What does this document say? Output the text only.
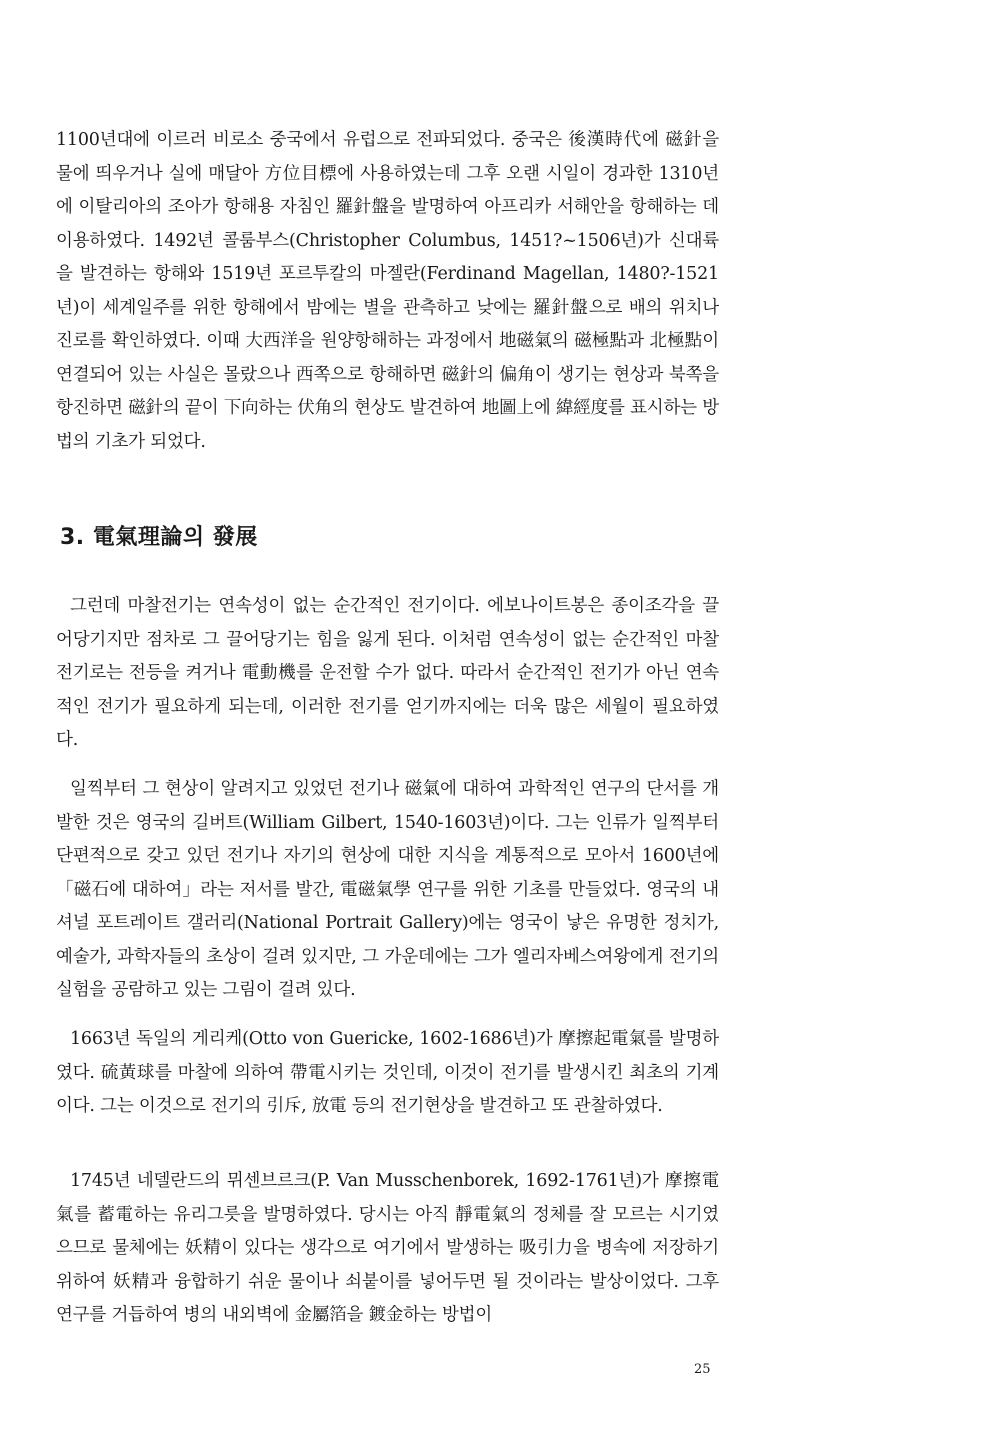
1100년대에 이르러 비로소 중국에서 유럽으로 전파되었다. 중국은 後漢時代에 磁針을 물에 띄우거나 실에 매달아 方位目標에 사용하였는데 그후 오랜 시일이 경과한 1310년에 이탈리아의 조아가 항해용 자침인 羅針盤을 발명하여 아프리카 서해안을 항해하는 데 이용하였다. 1492년 콜룸부스(Christopher Columbus, 1451?~1506년)가 신대륙을 발견하는 항해와 1519년 포르투칼의 마젤란(Ferdinand Magellan, 1480?-1521년)이 세계일주를 위한 항해에서 밤에는 별을 관측하고 낮에는 羅針盤으로 배의 위치나 진로를 확인하였다. 이때 大西洋을 원양항해하는 과정에서 地磁氣의 磁極點과 北極點이 연결되어 있는 사실은 몰랐으나 西쪽으로 항해하면 磁針의 偏角이 생기는 현상과 북쪽을 항진하면 磁針의 끝이 下向하는 伏角의 현상도 발견하여 地圖上에 緯經度를 표시하는 방법의 기초가 되었다.

3. 電氣理論의 發展

그런데 마찰전기는 연속성이 없는 순간적인 전기이다. 에보나이트봉은 종이조각을 끌어당기지만 점차로 그 끌어당기는 힘을 잃게 된다. 이처럼 연속성이 없는 순간적인 마찰전기로는 전등을 켜거나 電動機를 운전할 수가 없다. 따라서 순간적인 전기가 아닌 연속적인 전기가 필요하게 되는데, 이러한 전기를 얻기까지에는 더욱 많은 세월이 필요하였다.

일찍부터 그 현상이 알려지고 있었던 전기나 磁氣에 대하여 과학적인 연구의 단서를 개발한 것은 영국의 길버트(William Gilbert, 1540-1603년)이다. 그는 인류가 일찍부터 단편적으로 갖고 있던 전기나 자기의 현상에 대한 지식을 계통적으로 모아서 1600년에 「磁石에 대하여」라는 저서를 발간, 電磁氣學 연구를 위한 기초를 만들었다. 영국의 내셔널 포트레이트 갤러리(National Portrait Gallery)에는 영국이 낳은 유명한 정치가, 예술가, 과학자들의 초상이 걸려 있지만, 그 가운데에는 그가 엘리자베스여왕에게 전기의 실험을 공람하고 있는 그림이 걸려 있다.

1663년 독일의 게리케(Otto von Guericke, 1602-1686년)가 摩擦起電氣를 발명하였다. 硫黃球를 마찰에 의하여 帶電시키는 것인데, 이것이 전기를 발생시킨 최초의 기계이다. 그는 이것으로 전기의 引斥, 放電 등의 전기현상을 발견하고 또 관찰하였다.

1745년 네델란드의 뮈센브르크(P. Van Musschenborek, 1692-1761년)가 摩擦電氣를 蓄電하는 유리그릇을 발명하였다. 당시는 아직 靜電氣의 정체를 잘 모르는 시기였으므로 물체에는 妖精이 있다는 생각으로 여기에서 발생하는 吸引力을 병속에 저장하기 위하여 妖精과 융합하기 쉬운 물이나 쇠붙이를 넣어두면 될 것이라는 발상이었다. 그후 연구를 거듭하여 병의 내외벽에 金屬箔을 鍍金하는 방법이

25
